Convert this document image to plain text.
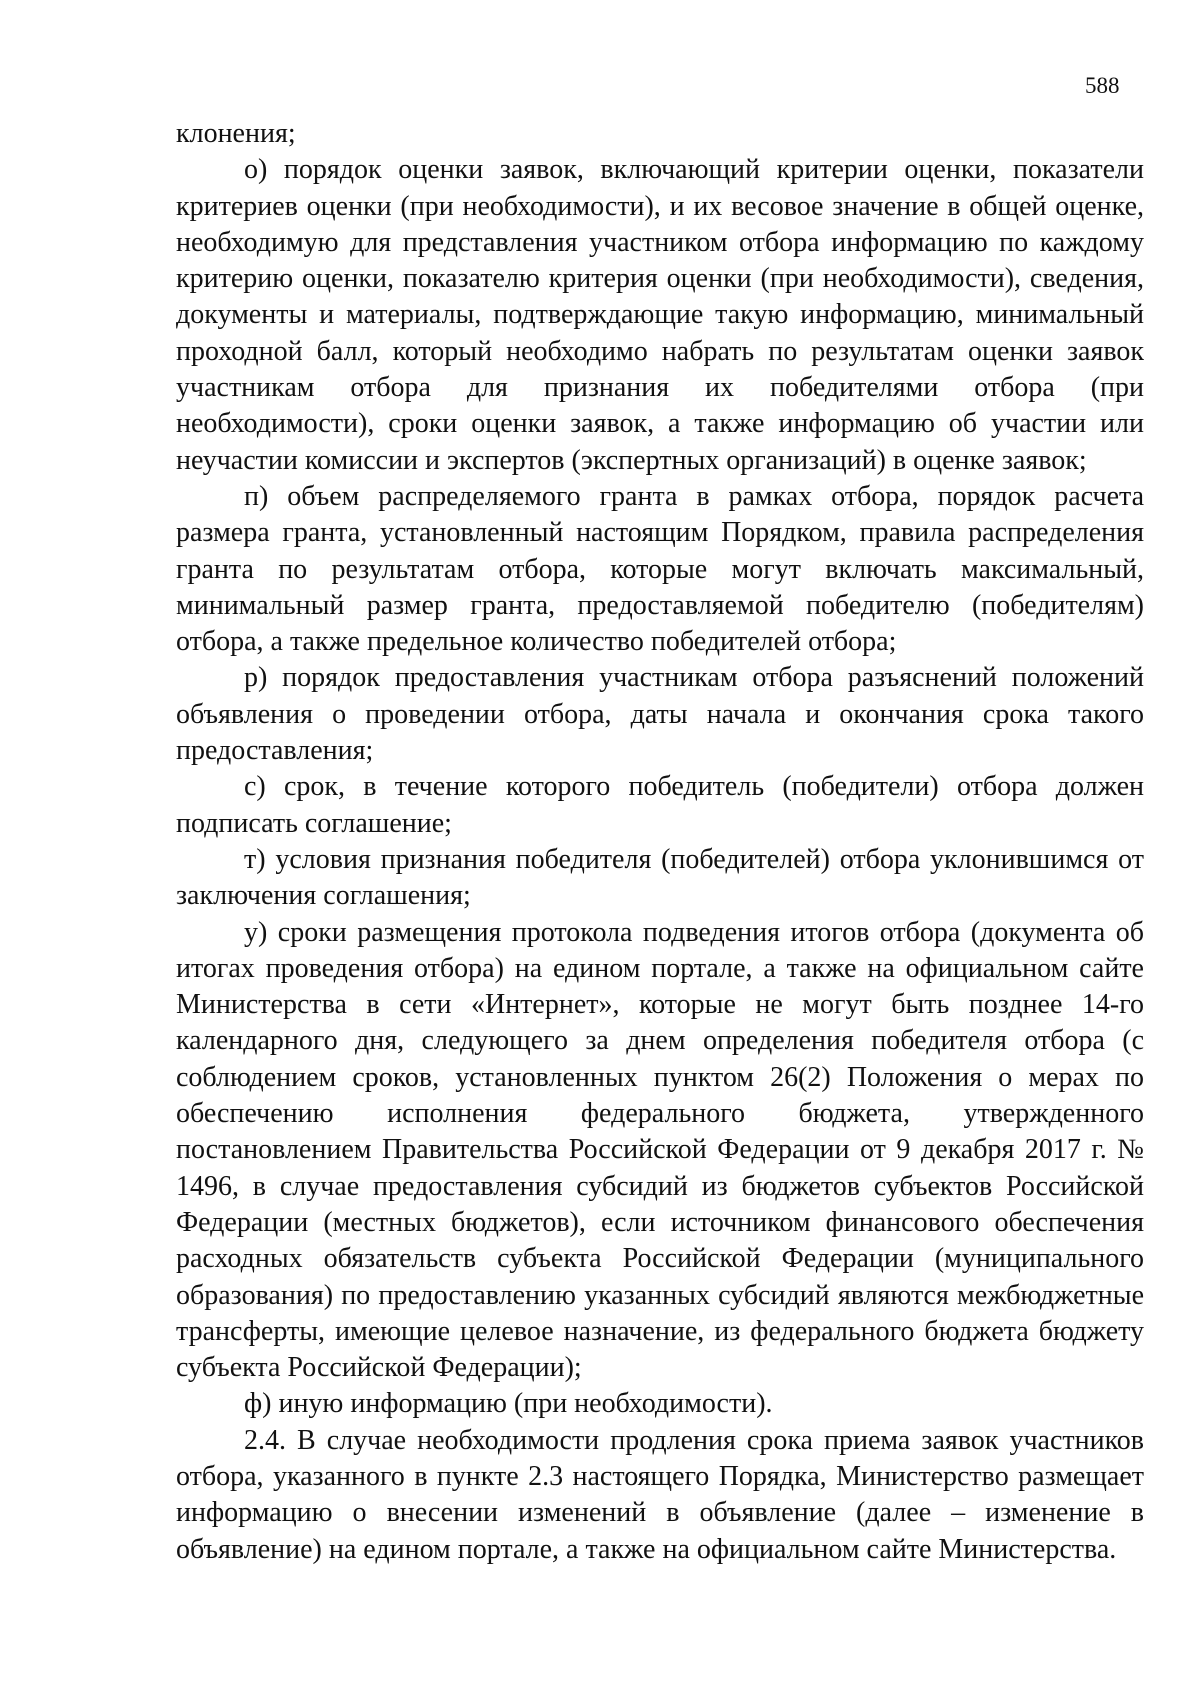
588

клонения;

о) порядок оценки заявок, включающий критерии оценки, показатели критериев оценки (при необходимости), и их весовое значение в общей оценке, необходимую для представления участником отбора информацию по каждому критерию оценки, показателю критерия оценки (при необходимости), сведения, документы и материалы, подтверждающие такую информацию, минимальный проходной балл, который необходимо набрать по результатам оценки заявок участникам отбора для признания их победителями отбора (при необходимости), сроки оценки заявок, а также информацию об участии или неучастии комиссии и экспертов (экспертных организаций) в оценке заявок;

п) объем распределяемого гранта в рамках отбора, порядок расчета размера гранта, установленный настоящим Порядком, правила распределения гранта по результатам отбора, которые могут включать максимальный, минимальный размер гранта, предоставляемой победителю (победителям) отбора, а также предельное количество победителей отбора;

р) порядок предоставления участникам отбора разъяснений положений объявления о проведении отбора, даты начала и окончания срока такого предоставления;

с) срок, в течение которого победитель (победители) отбора должен подписать соглашение;

т) условия признания победителя (победителей) отбора уклонившимся от заключения соглашения;

у) сроки размещения протокола подведения итогов отбора (документа об итогах проведения отбора) на едином портале, а также на официальном сайте Министерства в сети «Интернет», которые не могут быть позднее 14-го календарного дня, следующего за днем определения победителя отбора (с соблюдением сроков, установленных пунктом 26(2) Положения о мерах по обеспечению исполнения федерального бюджета, утвержденного постановлением Правительства Российской Федерации от 9 декабря 2017 г. № 1496, в случае предоставления субсидий из бюджетов субъектов Российской Федерации (местных бюджетов), если источником финансового обеспечения расходных обязательств субъекта Российской Федерации (муниципального образования) по предоставлению указанных субсидий являются межбюджетные трансферты, имеющие целевое назначение, из федерального бюджета бюджету субъекта Российской Федерации);

ф) иную информацию (при необходимости).

2.4. В случае необходимости продления срока приема заявок участников отбора, указанного в пункте 2.3 настоящего Порядка, Министерство размещает информацию о внесении изменений в объявление (далее – изменение в объявление) на едином портале, а также на официальном сайте Министерства.
